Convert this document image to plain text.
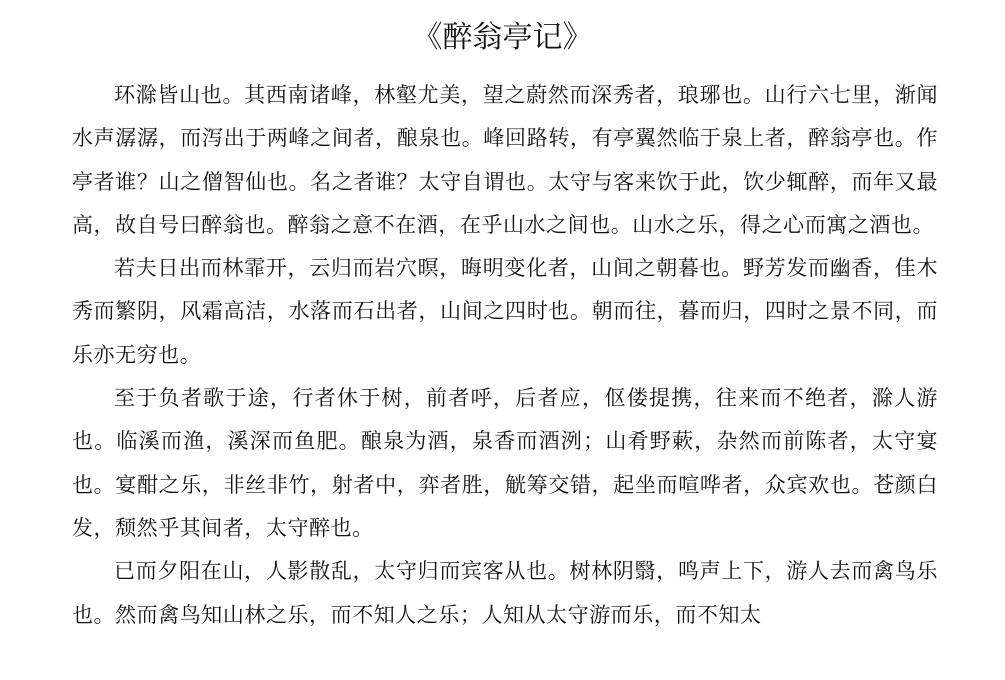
《醉翁亭记》

环滁皆山也。其西南诸峰，林壑尤美，望之蔚然而深秀者，琅琊也。山行六七里，渐闻水声潺潺，而泻出于两峰之间者，酿泉也。峰回路转，有亭翼然临于泉上者，醉翁亭也。作亭者谁？山之僧智仙也。名之者谁？太守自谓也。太守与客来饮于此，饮少辄醉，而年又最高，故自号曰醉翁也。醉翁之意不在酒，在乎山水之间也。山水之乐，得之心而寓之酒也。

若夫日出而林霏开，云归而岩穴暝，晦明变化者，山间之朝暮也。野芳发而幽香，佳木秀而繁阴，风霜高洁，水落而石出者，山间之四时也。朝而往，暮而归，四时之景不同，而乐亦无穷也。

至于负者歌于途，行者休于树，前者呼，后者应，伛偻提携，往来而不绝者，滁人游也。临溪而渔，溪深而鱼肥。酿泉为酒，泉香而酒洌；山肴野蔌，杂然而前陈者，太守宴也。宴酣之乐，非丝非竹，射者中，弈者胜，觥筹交错，起坐而喧哗者，众宾欢也。苍颜白发，颓然乎其间者，太守醉也。

已而夕阳在山，人影散乱，太守归而宾客从也。树林阴翳，鸣声上下，游人去而禽鸟乐也。然而禽鸟知山林之乐，而不知人之乐；人知从太守游而乐，而不知太
